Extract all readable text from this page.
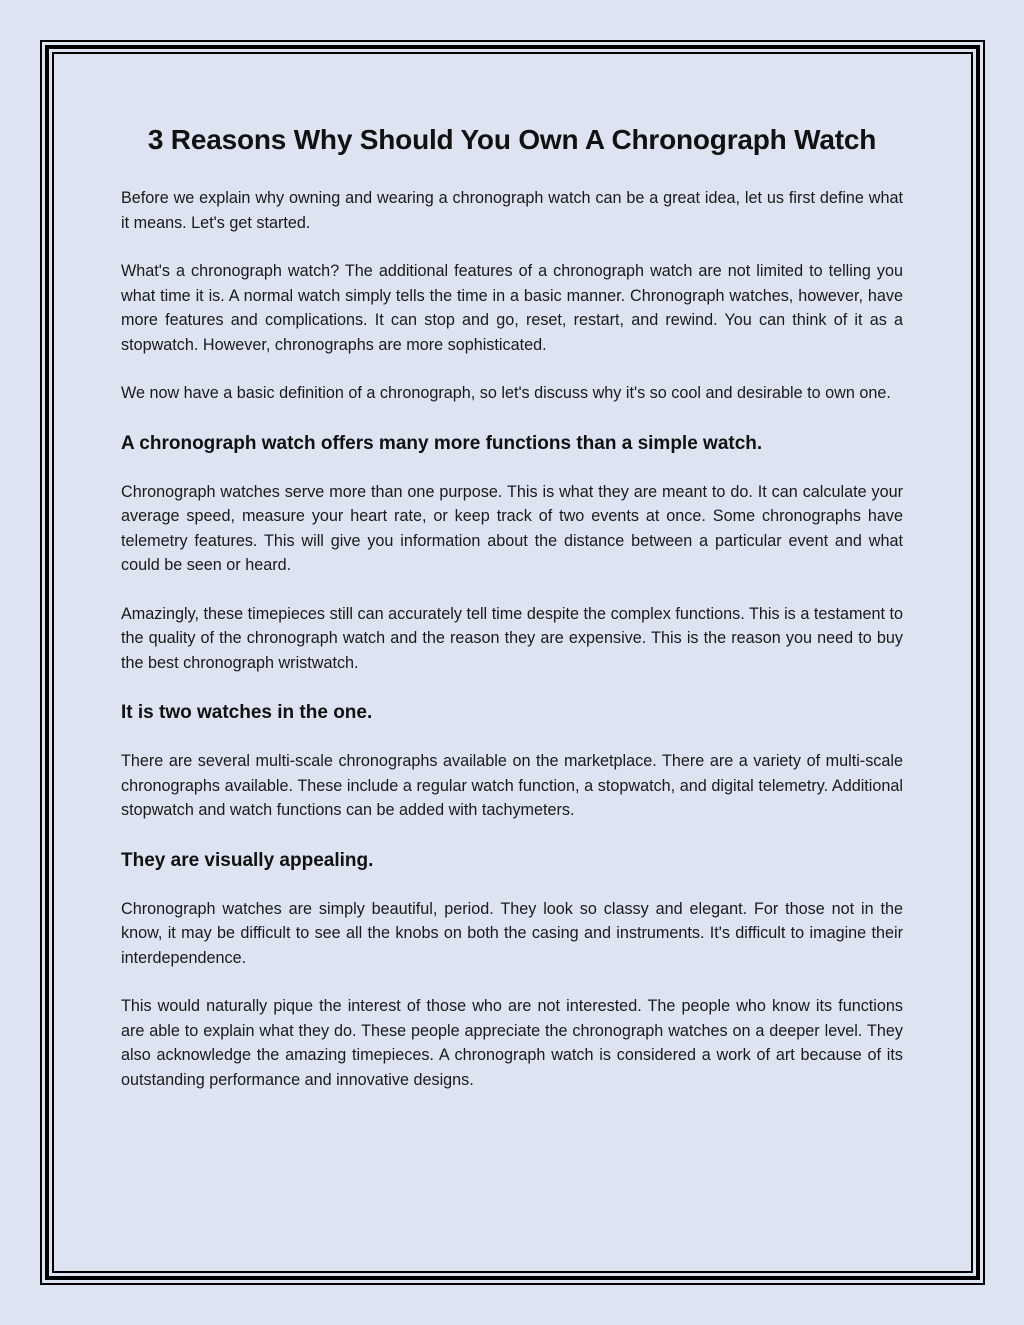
3 Reasons Why Should You Own A Chronograph Watch

Before we explain why owning and wearing a chronograph watch can be a great idea, let us first define what it means. Let's get started.

What's a chronograph watch? The additional features of a chronograph watch are not limited to telling you what time it is. A normal watch simply tells the time in a basic manner. Chronograph watches, however, have more features and complications. It can stop and go, reset, restart, and rewind. You can think of it as a stopwatch. However, chronographs are more sophisticated.

We now have a basic definition of a chronograph, so let's discuss why it's so cool and desirable to own one.

A chronograph watch offers many more functions than a simple watch.

Chronograph watches serve more than one purpose. This is what they are meant to do. It can calculate your average speed, measure your heart rate, or keep track of two events at once. Some chronographs have telemetry features. This will give you information about the distance between a particular event and what could be seen or heard.

Amazingly, these timepieces still can accurately tell time despite the complex functions. This is a testament to the quality of the chronograph watch and the reason they are expensive. This is the reason you need to buy the best chronograph wristwatch.

It is two watches in the one.

There are several multi-scale chronographs available on the marketplace. There are a variety of multi-scale chronographs available. These include a regular watch function, a stopwatch, and digital telemetry. Additional stopwatch and watch functions can be added with tachymeters.

They are visually appealing.

Chronograph watches are simply beautiful, period. They look so classy and elegant. For those not in the know, it may be difficult to see all the knobs on both the casing and instruments. It's difficult to imagine their interdependence.

This would naturally pique the interest of those who are not interested. The people who know its functions are able to explain what they do. These people appreciate the chronograph watches on a deeper level. They also acknowledge the amazing timepieces. A chronograph watch is considered a work of art because of its outstanding performance and innovative designs.
